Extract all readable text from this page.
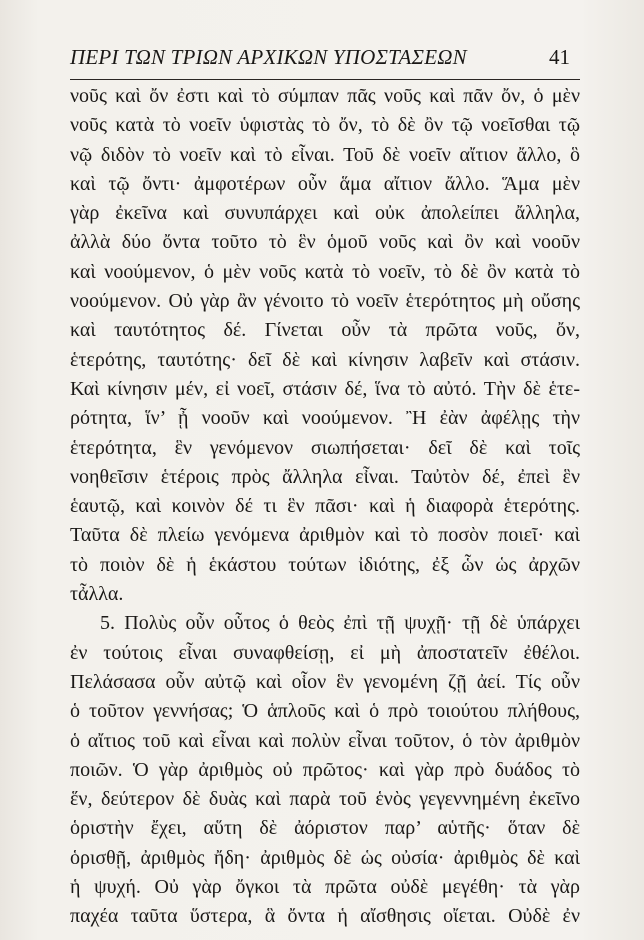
ΠΕΡΙ ΤΩΝ ΤΡΙΩΝ ΑΡΧΙΚΩΝ ΥΠΟΣΤΑΣΕΩΝ	41
νοῦς καὶ ὄν ἐστι καὶ τὸ σύμπαν πᾶς νοῦς καὶ πᾶν ὄν, ὁ μὲν
νοῦς κατὰ τὸ νοεῖν ὑφιστὰς τὸ ὄν, τὸ δὲ ὂν τῷ νοεῖσθαι τῷ
νῷ διδὸν τὸ νοεῖν καὶ τὸ εἶναι. Τοῦ δὲ νοεῖν αἴτιον ἄλλο, ὃ
καὶ τῷ ὄντι· ἀμφοτέρων οὖν ἅμα αἴτιον ἄλλο. Ἅμα μὲν
γὰρ ἐκεῖνα καὶ συνυπάρχει καὶ οὐκ ἀπολείπει ἄλληλα,
ἀλλὰ δύο ὄντα τοῦτο τὸ ἓν ὁμοῦ νοῦς καὶ ὂν καὶ νοοῦν
καὶ νοούμενον, ὁ μὲν νοῦς κατὰ τὸ νοεῖν, τὸ δὲ ὂν κατὰ τὸ
νοούμενον. Οὐ γὰρ ἂν γένοιτο τὸ νοεῖν ἑτερότητος μὴ οὔσης
καὶ ταυτότητος δέ. Γίνεται οὖν τὰ πρῶτα νοῦς, ὄν,
ἑτερότης, ταυτότης· δεῖ δὲ καὶ κίνησιν λαβεῖν καὶ στάσιν.
Καὶ κίνησιν μέν, εἰ νοεῖ, στάσιν δέ, ἵνα τὸ αὐτό. Τὴν δὲ ἑτε-
ρότητα, ἵν’ ᾖ νοοῦν καὶ νοούμενον. Ἢ ἐὰν ἀφέλῃς τὴν
ἑτερότητα, ἓν γενόμενον σιωπήσεται· δεῖ δὲ καὶ τοῖς
νοηθεῖσιν ἑτέροις πρὸς ἄλληλα εἶναι. Ταὐτὸν δέ, ἐπεὶ ἓν
ἑαυτῷ, καὶ κοινὸν δέ τι ἓν πᾶσι· καὶ ἡ διαφορὰ ἑτερότης.
Ταῦτα δὲ πλείω γενόμενα ἀριθμὸν καὶ τὸ ποσὸν ποιεῖ· καὶ
τὸ ποιὸν δὲ ἡ ἑκάστου τούτων ἰδιότης, ἐξ ὧν ὡς ἀρχῶν
τἆλλα.
5. Πολὺς οὖν οὗτος ὁ θεὸς ἐπὶ τῇ ψυχῇ· τῇ δὲ ὑπάρχει
ἐν τούτοις εἶναι συναφθείσῃ, εἰ μὴ ἀποστατεῖν ἐθέλοι.
Πελάσασα οὖν αὐτῷ καὶ οἷον ἓν γενομένη ζῇ ἀεί. Τίς οὖν
ὁ τοῦτον γεννήσας; Ὁ ἁπλοῦς καὶ ὁ πρὸ τοιούτου πλήθους,
ὁ αἴτιος τοῦ καὶ εἶναι καὶ πολὺν εἶναι τοῦτον, ὁ τὸν ἀριθμὸν
ποιῶν. Ὁ γὰρ ἀριθμὸς οὐ πρῶτος· καὶ γὰρ πρὸ δυάδος τὸ
ἕν, δεύτερον δὲ δυὰς καὶ παρὰ τοῦ ἑνὸς γεγεννημένη ἐκεῖνο
ὁριστὴν ἔχει, αὕτη δὲ ἀόριστον παρ’ αὑτῆς· ὅταν δὲ
ὁρισθῇ, ἀριθμὸς ἤδη· ἀριθμὸς δὲ ὡς οὐσία· ἀριθμὸς δὲ καὶ
ἡ ψυχή. Οὐ γὰρ ὄγκοι τὰ πρῶτα οὐδὲ μεγέθη· τὰ γὰρ
παχέα ταῦτα ὕστερα, ἃ ὄντα ἡ αἴσθησις οἴεται. Οὐδὲ ἐν
